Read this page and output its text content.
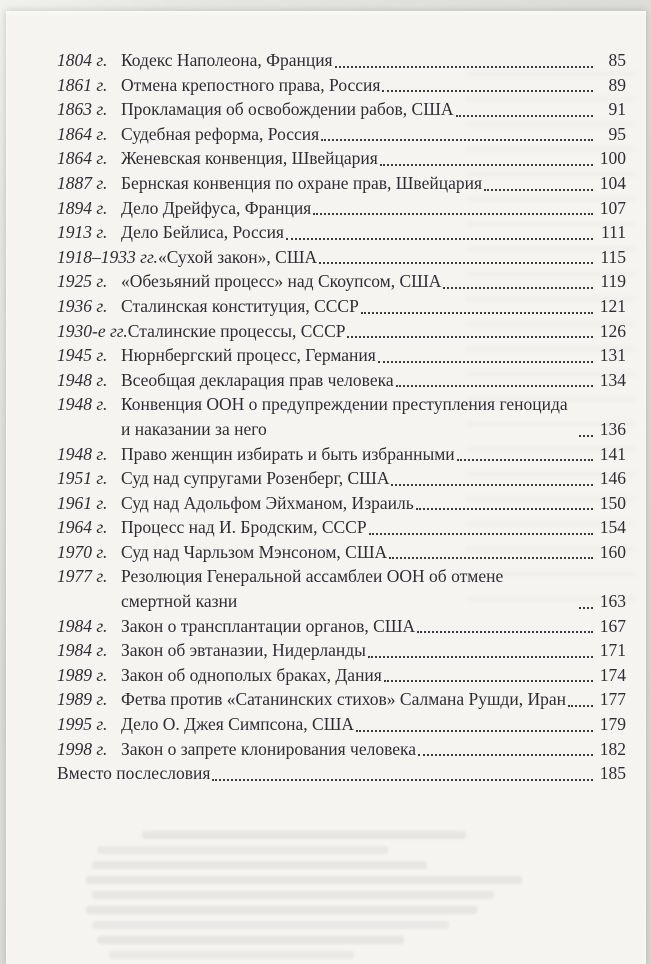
1804 г. Кодекс Наполеона, Франция	85
1861 г. Отмена крепостного права, Россия	89
1863 г. Прокламация об освобождении рабов, США	91
1864 г. Судебная реформа, Россия	95
1864 г. Женевская конвенция, Швейцария	100
1887 г. Бернская конвенция по охране прав, Швейцария	104
1894 г. Дело Дрейфуса, Франция	107
1913 г. Дело Бейлиса, Россия	111
1918–1933 гг.«Сухой закон», США	115
1925 г. «Обезьяний процесс» над Скоупсом, США	119
1936 г. Сталинская конституция, СССР	121
1930-е гг.Сталинские процессы, СССР	126
1945 г. Нюрнбергский процесс, Германия	131
1948 г. Всеобщая декларация прав человека	134
1948 г. Конвенция ООН о предупреждении преступления геноцида и наказании за него	136
1948 г. Право женщин избирать и быть избранными	141
1951 г. Суд над супругами Розенберг, США	146
1961 г. Суд над Адольфом Эйхманом, Израиль	150
1964 г. Процесс над И. Бродским, СССР	154
1970 г. Суд над Чарльзом Мэнсоном, США	160
1977 г. Резолюция Генеральной ассамблеи ООН об отмене смертной казни	163
1984 г. Закон о трансплантации органов, США	167
1984 г. Закон об эвтаназии, Нидерланды	171
1989 г. Закон об однополых браках, Дания	174
1989 г. Фетва против «Сатанинских стихов» Салмана Рушди, Иран 177
1995 г. Дело О. Джея Симпсона, США	179
1998 г. Закон о запрете клонирования человека	182
Вместо послесловия	185
